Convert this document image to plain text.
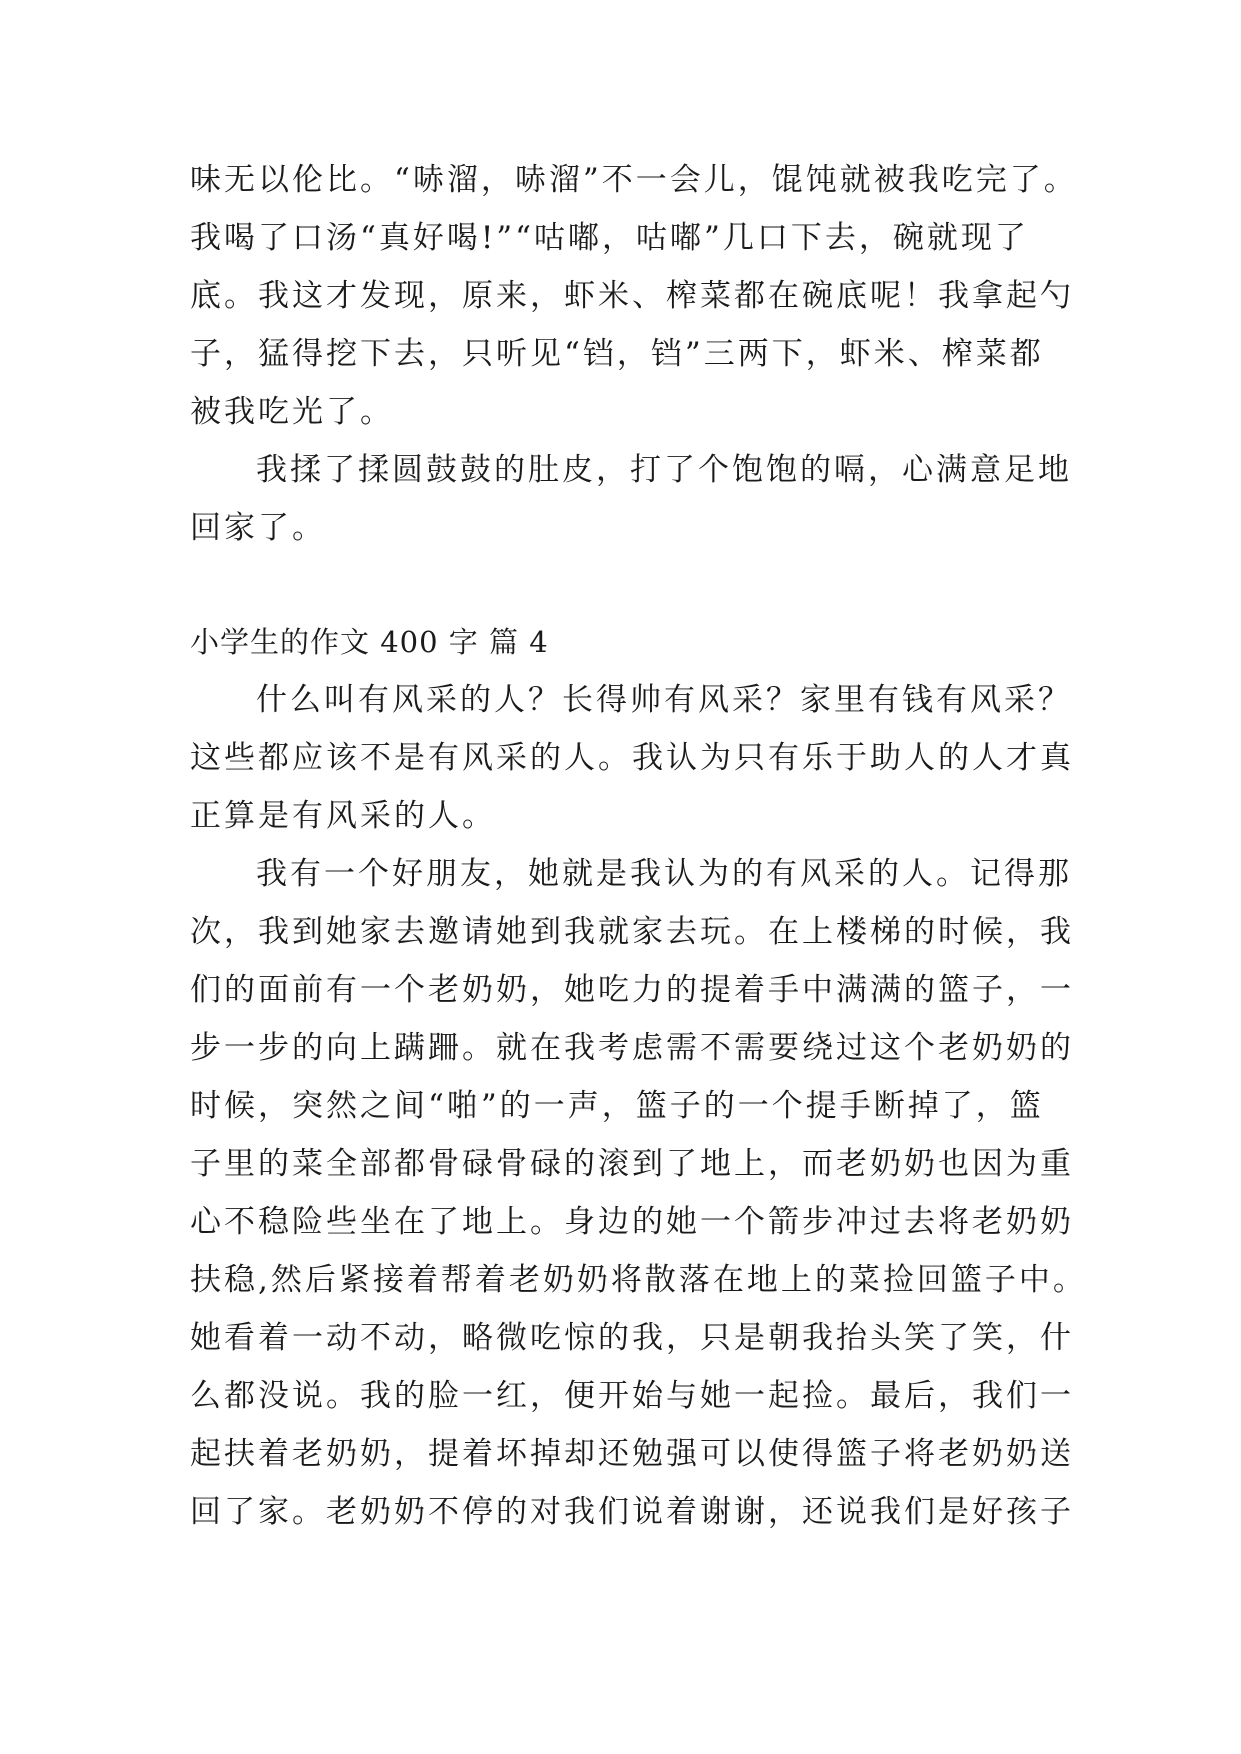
味无以伦比。“哧溜，哧溜”不一会儿，馄饨就被我吃完了。
我喝了口汤“真好喝!”“咕嘟，咕嘟”几口下去，碗就现了
底。我这才发现，原来，虾米、榨菜都在碗底呢！我拿起勺
子，猛得挖下去，只听见“铛，铛”三两下，虾米、榨菜都
被我吃光了。
我揉了揉圆鼓鼓的肚皮，打了个饱饱的嗝，心满意足地
回家了。
小学生的作文 400 字 篇 4
什么叫有风采的人？长得帅有风采？家里有钱有风采？
这些都应该不是有风采的人。我认为只有乐于助人的人才真
正算是有风采的人。
我有一个好朋友，她就是我认为的有风采的人。记得那
次，我到她家去邀请她到我就家去玩。在上楼梯的时候，我
们的面前有一个老奶奶，她吃力的提着手中满满的篮子，一
步一步的向上蹒跚。就在我考虑需不需要绕过这个老奶奶的
时候，突然之间“啪”的一声，篮子的一个提手断掉了，篮
子里的菜全部都骨碌骨碌的滚到了地上，而老奶奶也因为重
心不稳险些坐在了地上。身边的她一个箭步冲过去将老奶奶
扶稳,然后紧接着帮着老奶奶将散落在地上的菜捡回篮子中。
她看着一动不动，略微吃惊的我，只是朝我抬头笑了笑，什
么都没说。我的脸一红，便开始与她一起捡。最后，我们一
起扶着老奶奶，提着坏掉却还勉强可以使得篮子将老奶奶送
回了家。老奶奶不停的对我们说着谢谢，还说我们是好孩子
